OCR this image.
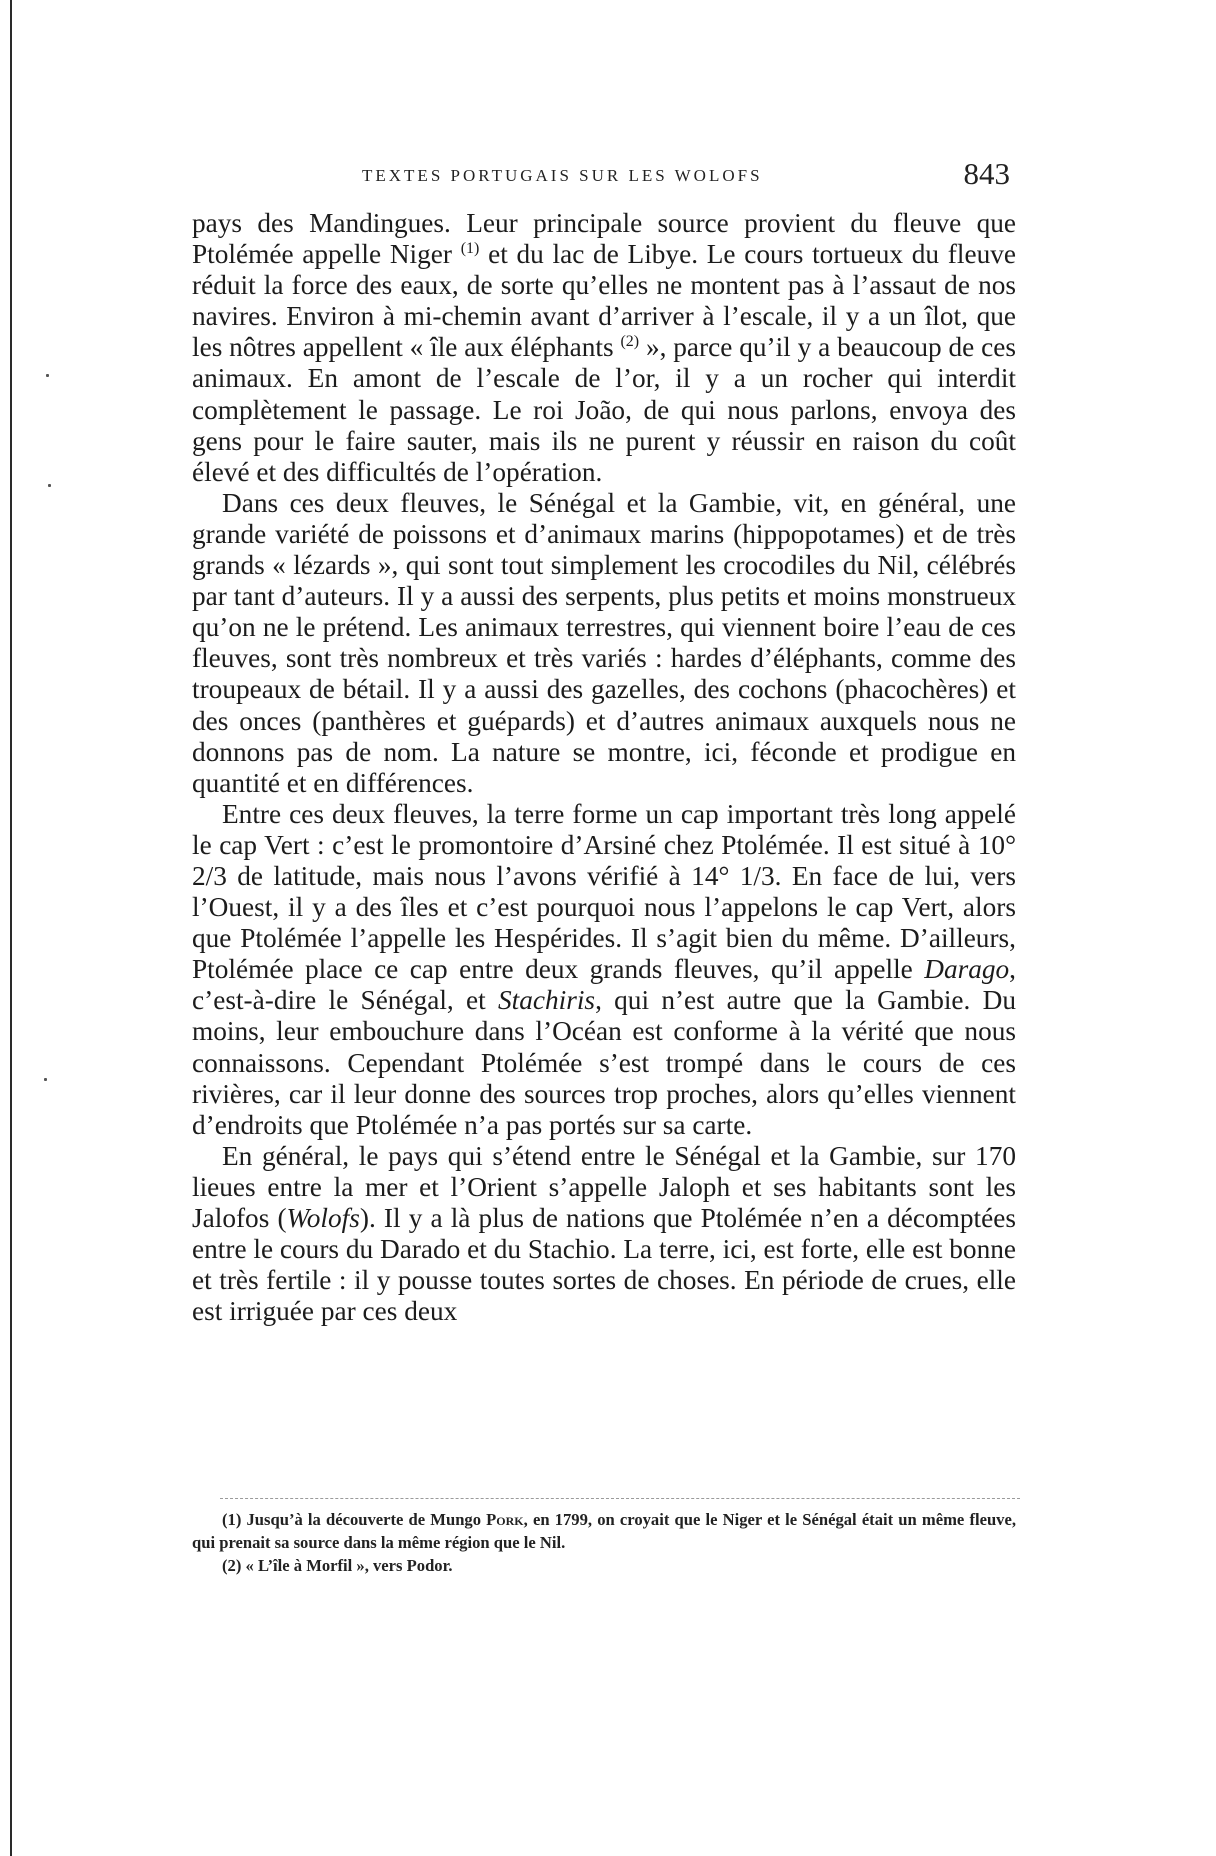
TEXTES PORTUGAIS SUR LES WOLOFS	843

pays des Mandingues. Leur principale source provient du fleuve que Ptolémée appelle Niger $^{(1)}$ et du lac de Libye. Le cours tortueux du fleuve réduit la force des eaux, de sorte qu’elles ne montent pas à l’assaut de nos navires. Environ à mi-chemin avant d’arriver à l’escale, il y a un îlot, que les nôtres appellent « île aux éléphants $^{(2)}$ », parce qu’il y a beaucoup de ces animaux. En amont de l’escale de l’or, il y a un rocher qui interdit complètement le passage. Le roi João, de qui nous parlons, envoya des gens pour le faire sauter, mais ils ne purent y réussir en raison du coût élevé et des difficultés de l’opération.

Dans ces deux fleuves, le Sénégal et la Gambie, vit, en général, une grande variété de poissons et d’animaux marins (hippopotames) et de très grands « lézards », qui sont tout simplement les crocodiles du Nil, célébrés par tant d’auteurs. Il y a aussi des serpents, plus petits et moins monstrueux qu’on ne le prétend. Les animaux terrestres, qui viennent boire l’eau de ces fleuves, sont très nombreux et très variés : hardes d’éléphants, comme des troupeaux de bétail. Il y a aussi des gazelles, des cochons (phacochères) et des onces (panthères et guépards) et d’autres animaux auxquels nous ne donnons pas de nom. La nature se montre, ici, féconde et prodigue en quantité et en différences.

Entre ces deux fleuves, la terre forme un cap important très long appelé le cap Vert : c’est le promontoire d’Arsiné chez Ptolémée. Il est situé à 10° 2/3 de latitude, mais nous l’avons vérifié à 14° 1/3. En face de lui, vers l’Ouest, il y a des îles et c’est pourquoi nous l’appelons le cap Vert, alors que Ptolémée l’appelle les Hespérides. Il s’agit bien du même. D’ailleurs, Ptolémée place ce cap entre deux grands fleuves, qu’il appelle Darago, c’est-à-dire le Sénégal, et Stachiris, qui n’est autre que la Gambie. Du moins, leur embouchure dans l’Océan est conforme à la vérité que nous connaissons. Cependant Ptolémée s’est trompé dans le cours de ces rivières, car il leur donne des sources trop proches, alors qu’elles viennent d’endroits que Ptolémée n’a pas portés sur sa carte.

En général, le pays qui s’étend entre le Sénégal et la Gambie, sur 170 lieues entre la mer et l’Orient s’appelle Jaloph et ses habitants sont les Jalofos (Wolofs). Il y a là plus de nations que Ptolémée n’en a décomptées entre le cours du Darado et du Stachio. La terre, ici, est forte, elle est bonne et très fertile : il y pousse toutes sortes de choses. En période de crues, elle est irriguée par ces deux

(1) Jusqu’à la découverte de Mungo Pork, en 1799, on croyait que le Niger et le Sénégal était un même fleuve, qui prenait sa source dans la même région que le Nil.

(2) « L’île à Morfil », vers Podor.
